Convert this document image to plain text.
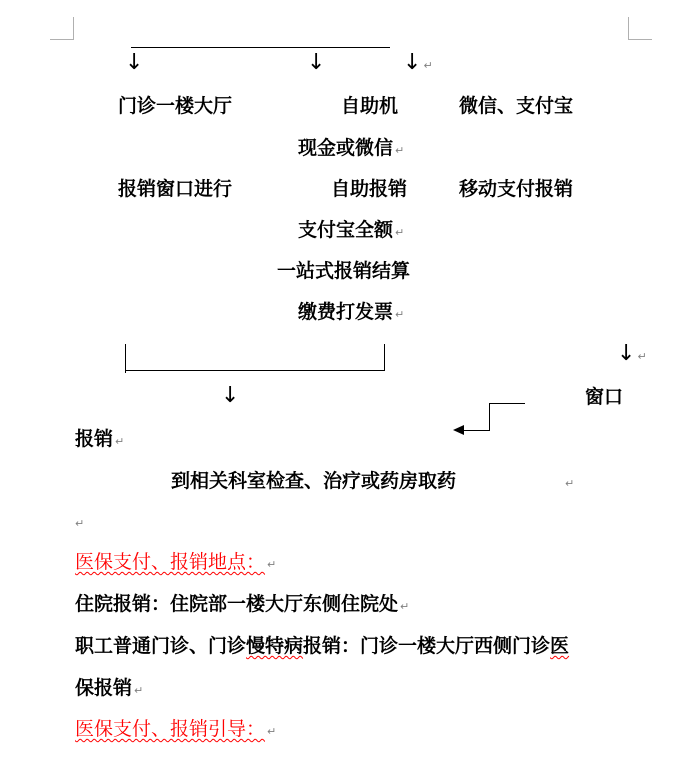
↓	↓	↓ ↵
门诊一楼大厅	自助机	微信、支付宝
现金或微信 ↵
报销窗口进行	自助报销	移动支付报销
支付宝全额 ↵
一站式报销结算
缴费打发票 ↵
↓ ↵
↓	窗口
报销 ↵
到相关科室检查、治疗或药房取药	↵
↵
医保支付、报销地点： ↵
住院报销：住院部一楼大厅东侧住院处 ↵
职工普通门诊、门诊慢特病报销：门诊一楼大厅西侧门诊医
保报销 ↵
医保支付、报销引导： ↵
